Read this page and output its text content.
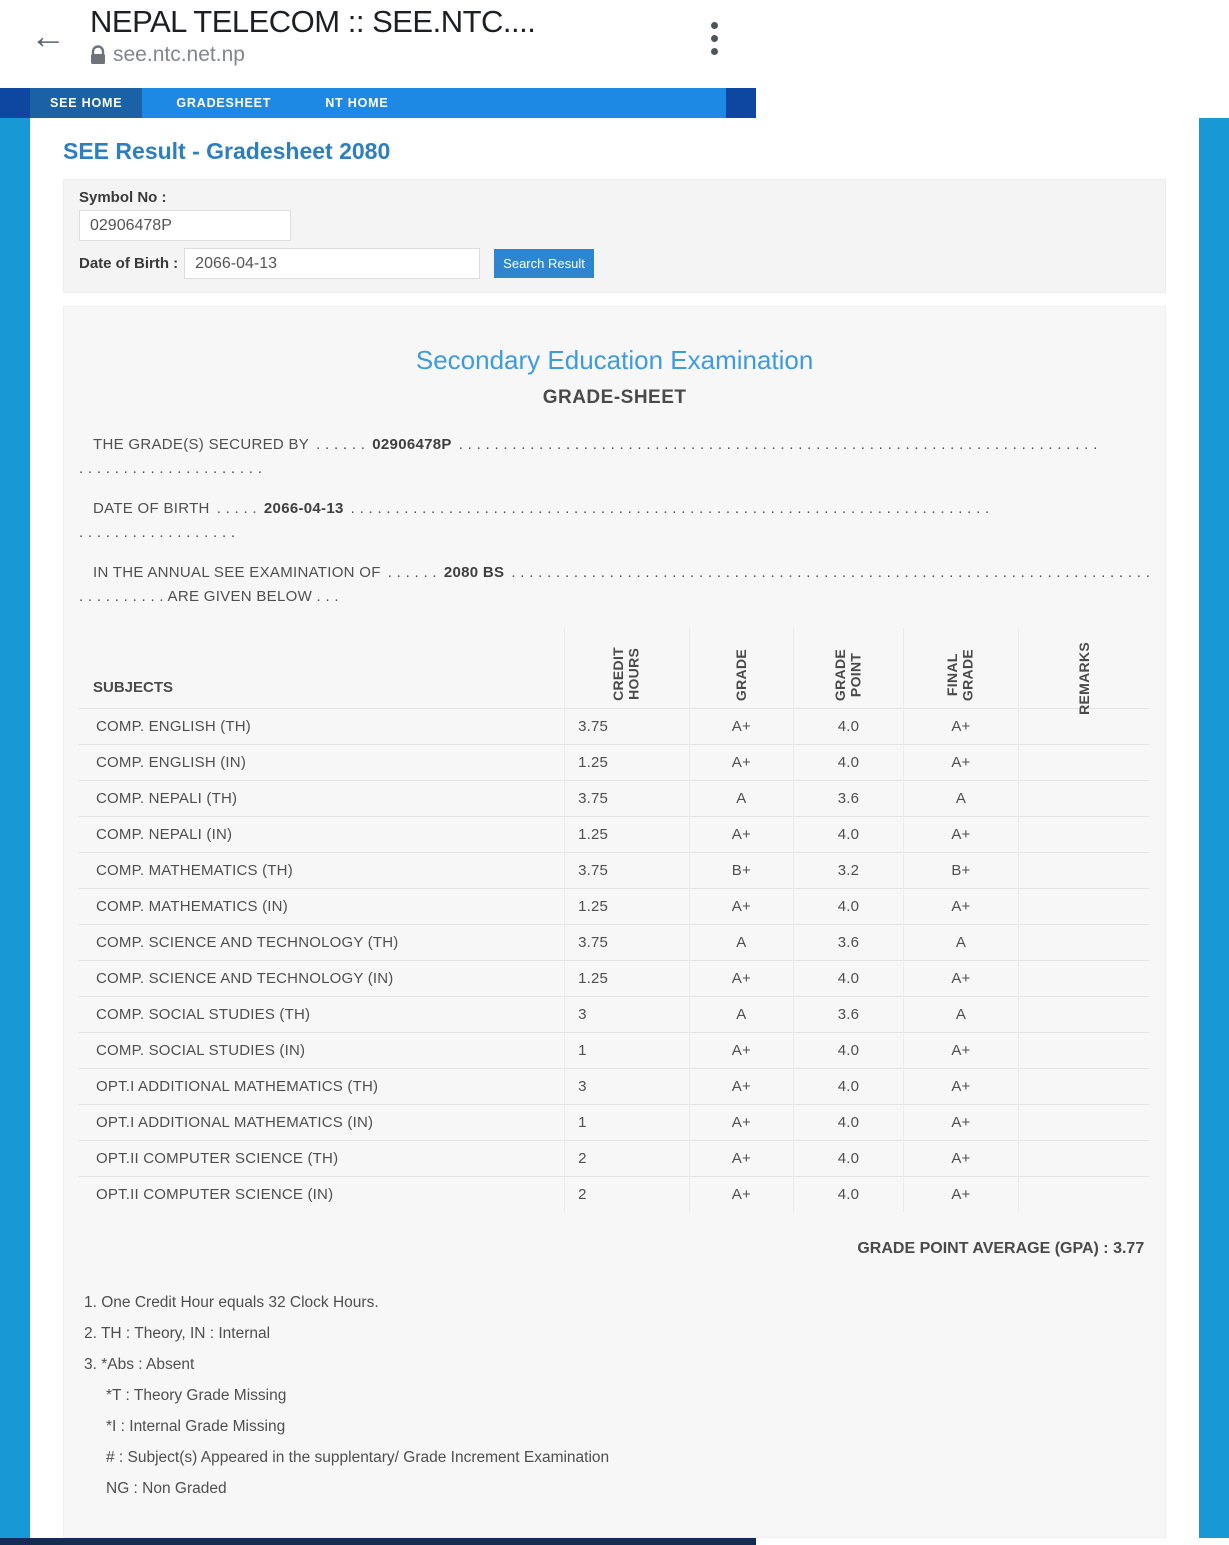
← NEPAL TELECOM :: SEE.NTC....
see.ntc.net.np
SEE HOME	GRADESHEET	NT HOME
SEE Result - Gradesheet 2080
Symbol No :
02906478P
Date of Birth :
2066-04-13	Search Result
Secondary Education Examination
GRADE-SHEET
THE GRADE(S) SECURED BY . . . . . . 02906478P . . . . . . . . . . . . . . . . . . . . . . . . . . . . . . . . . . . . . . . . . . . . . . . . . . . . . . . . . . . . . . . . . . . . . . . .
. . . . . . . . . . . . . . . . . . . . .
DATE OF BIRTH . . . . . 2066-04-13 . . . . . . . . . . . . . . . . . . . . . . . . . . . . . . . . . . . . . . . . . . . . . . . . . . . . . . . . . . . . . . . . . . . . . . . .
. . . . . . . . . . . . . . . . . .
IN THE ANNUAL SEE EXAMINATION OF . . . . . . 2080 BS . . . . . . . . . . . . . . . . . . . . . . . . . . . . . . . . . . . . . . . . . . . . . . . . . . . . . . . . . . . . . . . . . . . . . . . .
. . . . . . . . . . ARE GIVEN BELOW . . .
SUBJECTS	CREDIT
HOURS	GRADE	GRADE
POINT	FINAL
GRADE	REMARKS
COMP. ENGLISH (TH)	3.75	A+	4.0	A+	
COMP. ENGLISH (IN)	1.25	A+	4.0	A+	
COMP. NEPALI (TH)	3.75	A	3.6	A	
COMP. NEPALI (IN)	1.25	A+	4.0	A+	
COMP. MATHEMATICS (TH)	3.75	B+	3.2	B+	
COMP. MATHEMATICS (IN)	1.25	A+	4.0	A+	
COMP. SCIENCE AND TECHNOLOGY (TH)	3.75	A	3.6	A	
COMP. SCIENCE AND TECHNOLOGY (IN)	1.25	A+	4.0	A+	
COMP. SOCIAL STUDIES (TH)	3	A	3.6	A	
COMP. SOCIAL STUDIES (IN)	1	A+	4.0	A+	
OPT.I ADDITIONAL MATHEMATICS (TH)	3	A+	4.0	A+	
OPT.I ADDITIONAL MATHEMATICS (IN)	1	A+	4.0	A+	
OPT.II COMPUTER SCIENCE (TH)	2	A+	4.0	A+	
OPT.II COMPUTER SCIENCE (IN)	2	A+	4.0	A+	
GRADE POINT AVERAGE (GPA) : 3.77
1. One Credit Hour equals 32 Clock Hours.
2. TH : Theory, IN : Internal
3. *Abs : Absent
*T : Theory Grade Missing
*I : Internal Grade Missing
# : Subject(s) Appeared in the supplentary/ Grade Increment Examination
NG : Non Graded
